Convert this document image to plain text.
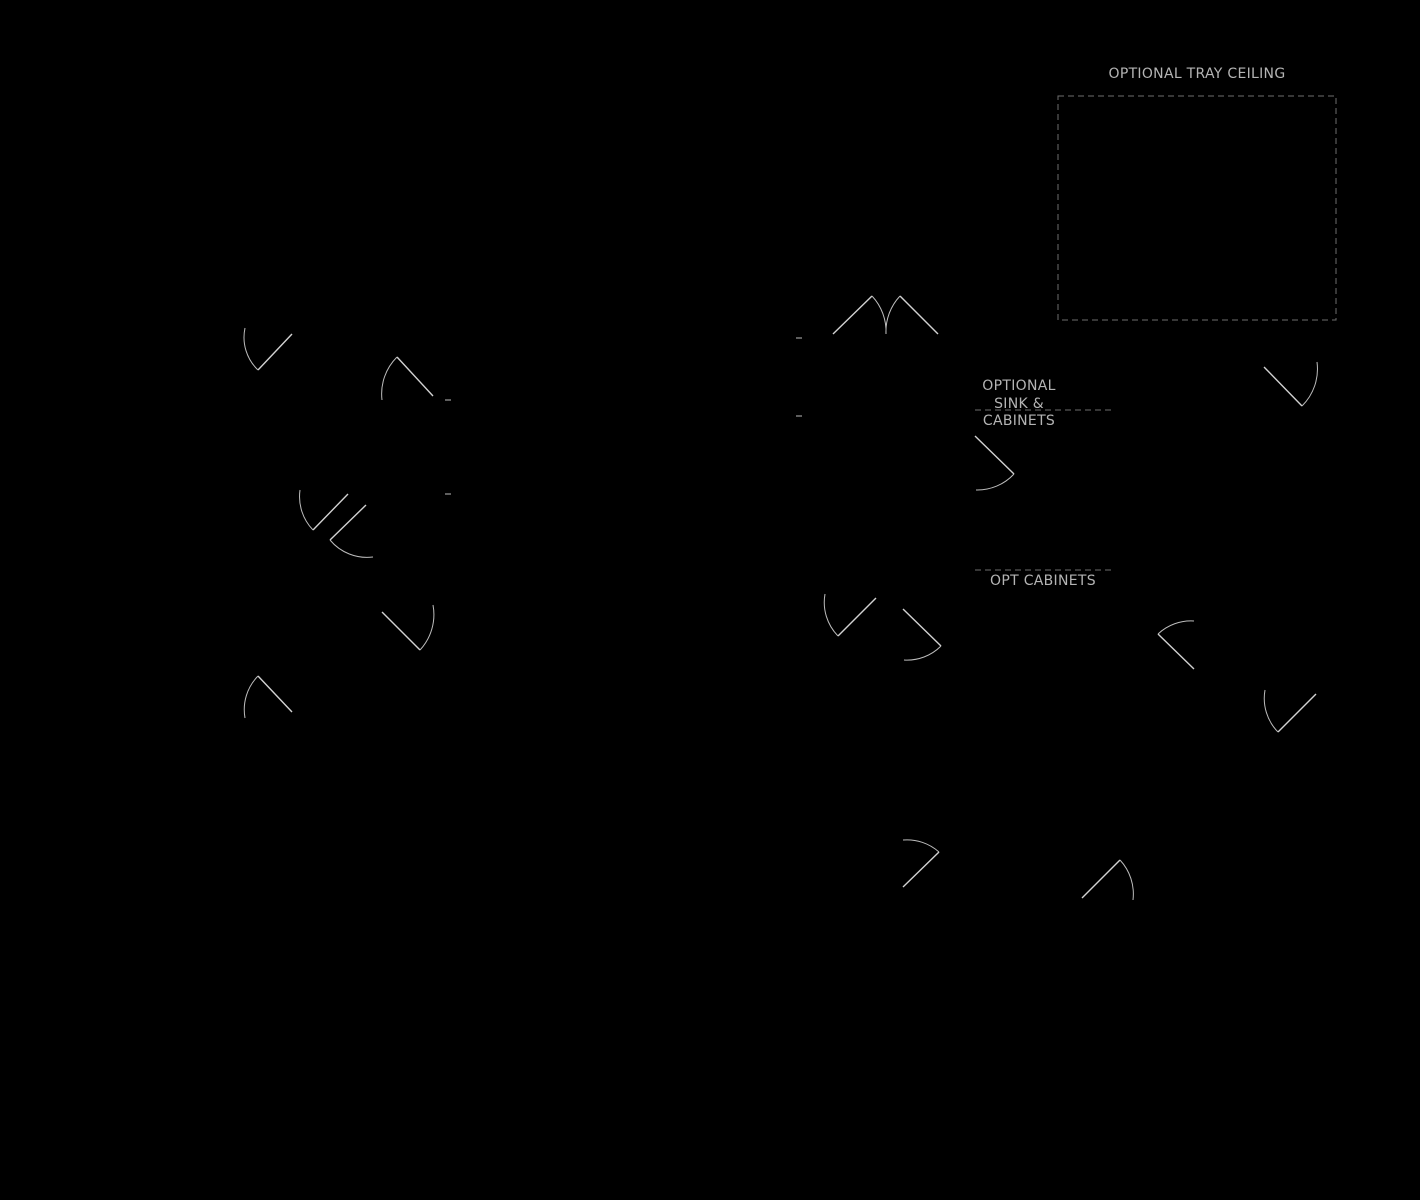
OPTIONAL TRAY CEILING
OPTIONAL
SINK &
CABINETS
OPT CABINETS
